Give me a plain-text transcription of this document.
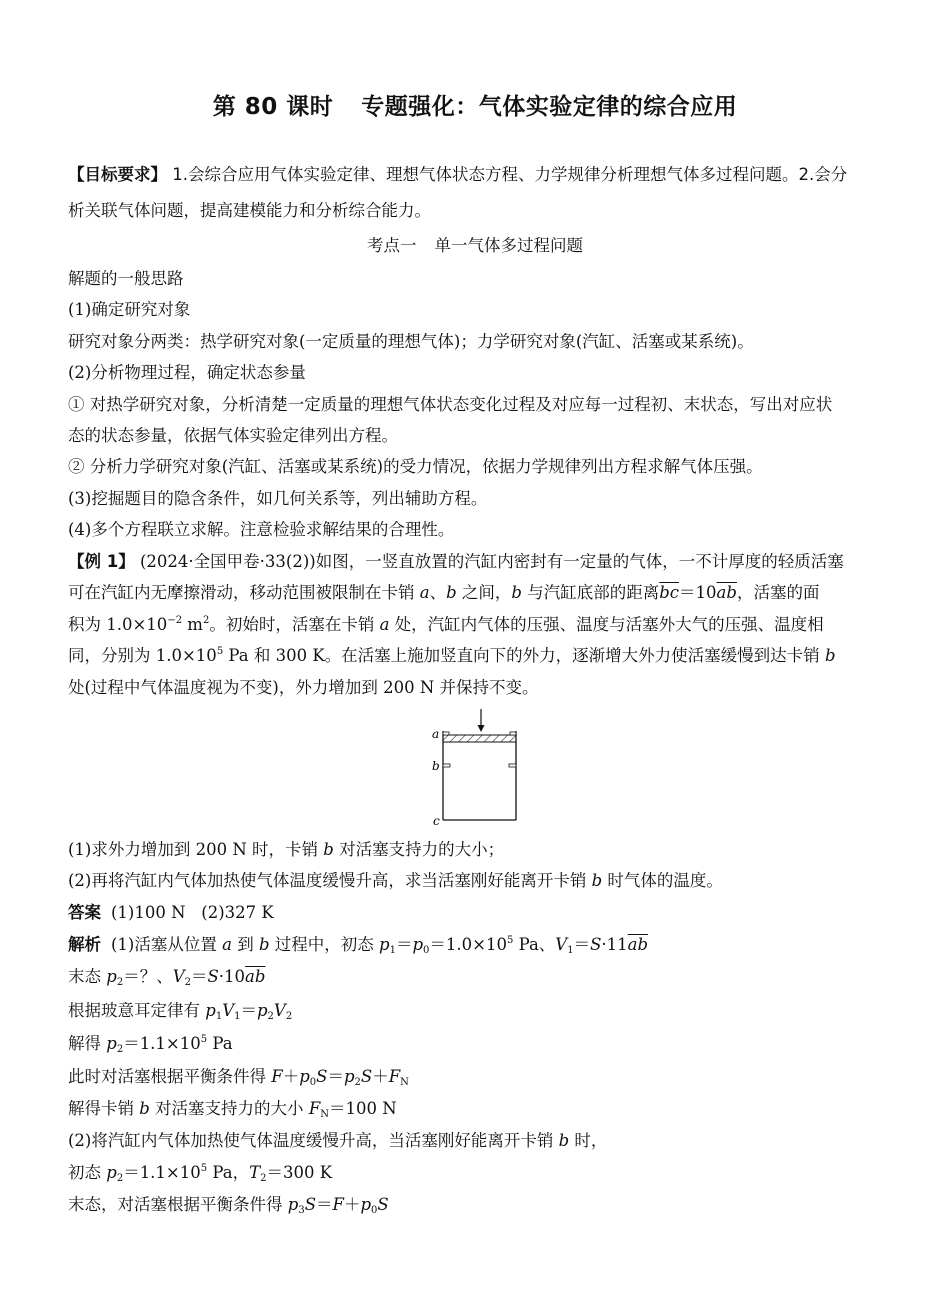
第 80 课时 专题强化：气体实验定律的综合应用
【目标要求】 1.会综合应用气体实验定律、理想气体状态方程、力学规律分析理想气体多过程问题。2.会分
析关联气体问题，提高建模能力和分析综合能力。
考点一 单一气体多过程问题
解题的一般思路
(1)确定研究对象
研究对象分两类：热学研究对象(一定质量的理想气体)；力学研究对象(汽缸、活塞或某系统)。
(2)分析物理过程，确定状态参量
① 对热学研究对象，分析清楚一定质量的理想气体状态变化过程及对应每一过程初、末状态，写出对应状
态的状态参量，依据气体实验定律列出方程。
② 分析力学研究对象(汽缸、活塞或某系统)的受力情况，依据力学规律列出方程求解气体压强。
(3)挖掘题目的隐含条件，如几何关系等，列出辅助方程。
(4)多个方程联立求解。注意检验求解结果的合理性。
【例 1】 (2024·全国甲卷·33(2))如图，一竖直放置的汽缸内密封有一定量的气体，一不计厚度的轻质活塞
可在汽缸内无摩擦滑动，移动范围被限制在卡销 a、b 之间，b 与汽缸底部的距离$\overline{bc}=10\overline{ab}$，活塞的面
积为 $1.0\times 10^{-2}$ $m^2$。初始时，活塞在卡销 a 处，汽缸内气体的压强、温度与活塞外大气的压强、温度相
同，分别为 $1.0\times 10^5$ Pa 和 300 K。在活塞上施加竖直向下的外力，逐渐增大外力使活塞缓慢到达卡销 b
处(过程中气体温度视为不变)，外力增加到 200 N 并保持不变。
a
b
c
(1)求外力增加到 200 N 时，卡销 b 对活塞支持力的大小；
(2)再将汽缸内气体加热使气体温度缓慢升高，求当活塞刚好能离开卡销 b 时气体的温度。
答案 (1)100 N   (2)327 K
解析 (1)活塞从位置 a 到 b 过程中，初态 $p_1=p_0=1.0\times 10^5$ Pa、$V_1=S\cdot 11\overline{ab}$
末态 $p_2=$？、$V_2=S\cdot 10\overline{ab}$
根据玻意耳定律有 $p_1V_1=p_2V_2$
解得 $p_2=1.1\times 10^5$ Pa
此时对活塞根据平衡条件得 $F+p_0S=p_2S+F_N$
解得卡销 b 对活塞支持力的大小 $F_N=100$ N
(2)将汽缸内气体加热使气体温度缓慢升高，当活塞刚好能离开卡销 b 时，
初态 $p_2=1.1\times 10^5$ Pa，$T_2=300$ K
末态，对活塞根据平衡条件得 $p_3S=F+p_0S$
